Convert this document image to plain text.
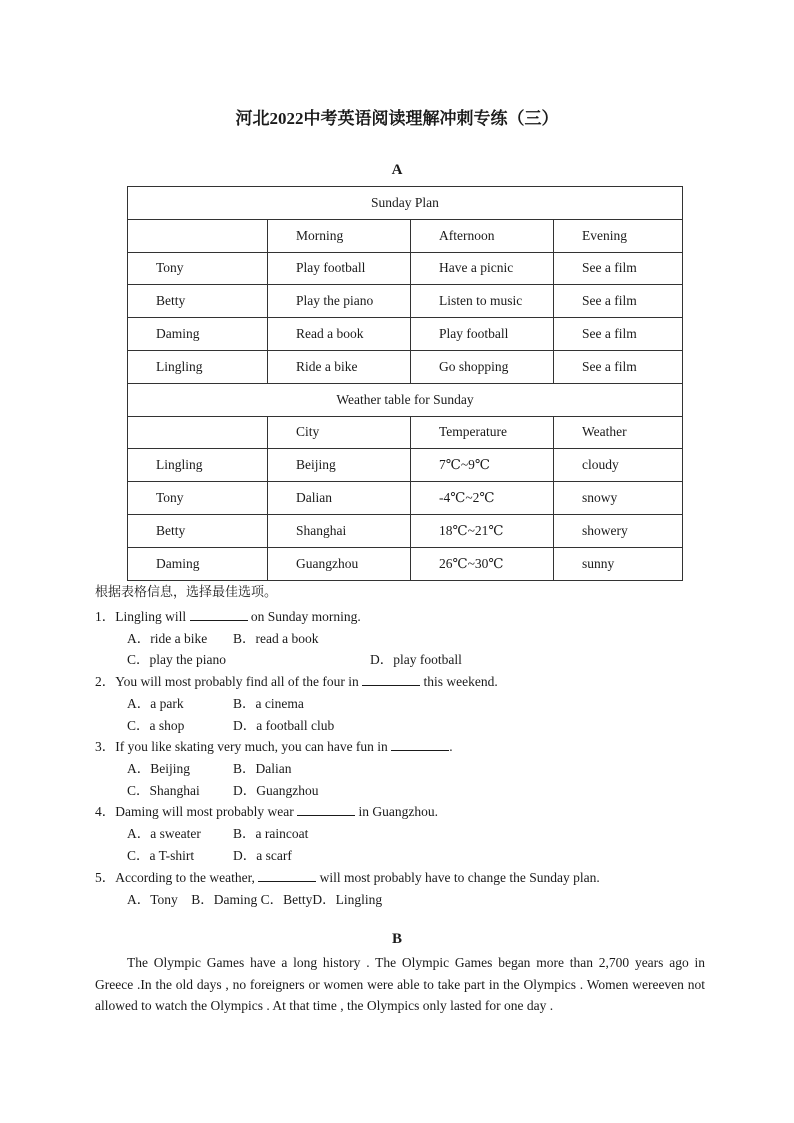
河北2022中考英语阅读理解冲刺专练（三）
A
Sunday Plan			
	Morning	Afternoon	Evening
Tony	Play football	Have a picnic	See a film
Betty	Play the piano	Listen to music	See a film
Daming	Read a book	Play football	See a film
Lingling	Ride a bike	Go shopping	See a film
Weather table for Sunday			
	City	Temperature	Weather
Lingling	Beijing	7℃~9℃	cloudy
Tony	Dalian	-4℃~2℃	snowy
Betty	Shanghai	18℃~21℃	showery
Daming	Guangzhou	26℃~30℃	sunny
根据表格信息，选择最佳选项。
1．Lingling will	on Sunday morning.
A．ride a bike B．read a book
C．play the piano	D．play football
2．You will most probably find all of the four in	this weekend.
A．a park	B．a cinema
C．a shop	D．a football club
3．If you like skating very much, you can have fun in	.
A．Beijing	B．Dalian
C．Shanghai D．Guangzhou
4．Daming will most probably wear	in Guangzhou.
A．a sweater B．a raincoat
C．a T-shirt	D．a scarf
5．According to the weather,	will most probably have to change the Sunday plan.
A．Tony　B．Daming C．BettyD．Lingling
B
The Olympic Games have a long history . The Olympic Games began more than 2,700 years ago in Greece .In the old days , no foreigners or women were able to take part in the Olympics . Women wereeven not allowed to watch the Olympics . At that time , the Olympics only lasted for one day .
